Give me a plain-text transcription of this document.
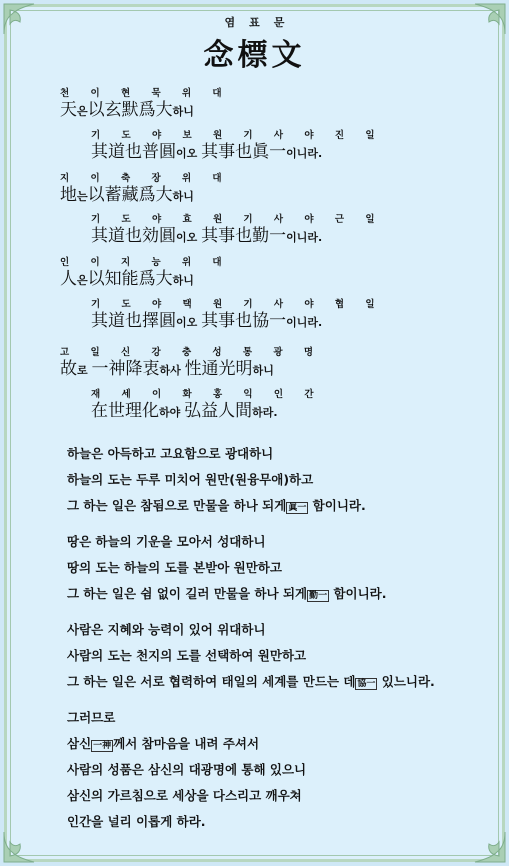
염표문
念標文
천 이 현 묵 위 대
天은以玄默爲大하니
기 도 야 보 원 기 사 야 진 일
其道也普圓이오 其事也眞一이니라.
지 이 축 장 위 대
地는以蓄藏爲大하니
기 도 야 효 원 기 사 야 근 일
其道也効圓이오 其事也勤一이니라.
인 이 지 능 위 대
人은以知能爲大하니
기 도 야 택 원 기 사 야 협 일
其道也擇圓이오 其事也協一이니라.
고 일 신 강 충 성 통 광 명
故로 一神降衷하사 性通光明하니
재 세 이 화 홍 익 인 간
在世理化하야 弘益人間하라.
하늘은 아득하고 고요함으로 광대하니
하늘의 도는 두루 미치어 원만(원융무애)하고
그 하는 일은 참됨으로 만물을 하나 되게 眞一 함이니라.
땅은 하늘의 기운을 모아서 성대하니
땅의 도는 하늘의 도를 본받아 원만하고
그 하는 일은 쉼 없이 길러 만물을 하나 되게 勤一 함이니라.
사람은 지혜와 능력이 있어 위대하니
사람의 도는 천지의 도를 선택하여 원만하고
그 하는 일은 서로 협력하여 태일의 세계를 만드는 데 協一 있느니라.
그러므로
삼신 一神 께서 참마음을 내려 주셔서
사람의 성품은 삼신의 대광명에 통해 있으니
삼신의 가르침으로 세상을 다스리고 깨우쳐
인간을 널리 이롭게 하라.
